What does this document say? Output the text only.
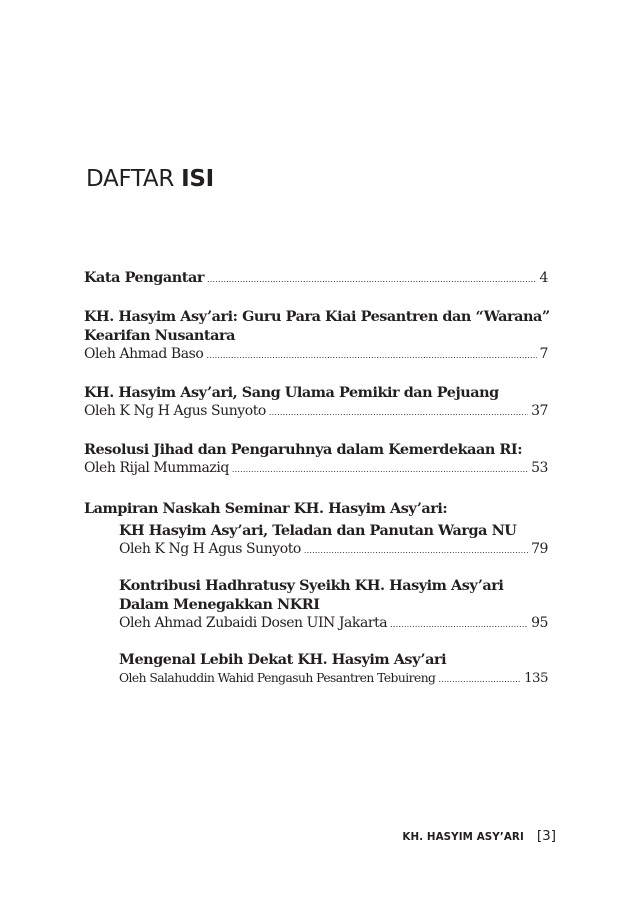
DAFTAR ISI
Kata Pengantar .....	4
KH. Hasyim Asy’ari: Guru Para Kiai Pesantren dan “Warana”
Kearifan Nusantara
Oleh Ahmad Baso .....	7
KH. Hasyim Asy’ari, Sang Ulama Pemikir dan Pejuang
Oleh K Ng H Agus Sunyoto .....	37
Resolusi Jihad dan Pengaruhnya dalam Kemerdekaan RI:
Oleh Rijal Mummaziq .....	53
Lampiran Naskah Seminar KH. Hasyim Asy’ari:
KH Hasyim Asy’ari, Teladan dan Panutan Warga NU
Oleh K Ng H Agus Sunyoto .....	79
Kontribusi Hadhratusy Syeikh KH. Hasyim Asy’ari
Dalam Menegakkan NKRI
Oleh Ahmad Zubaidi Dosen UIN Jakarta .....	95
Mengenal Lebih Dekat KH. Hasyim Asy’ari
Oleh Salahuddin Wahid Pengasuh Pesantren Tebuireng .....	135
KH. HASYIM ASY’ARI [3]
